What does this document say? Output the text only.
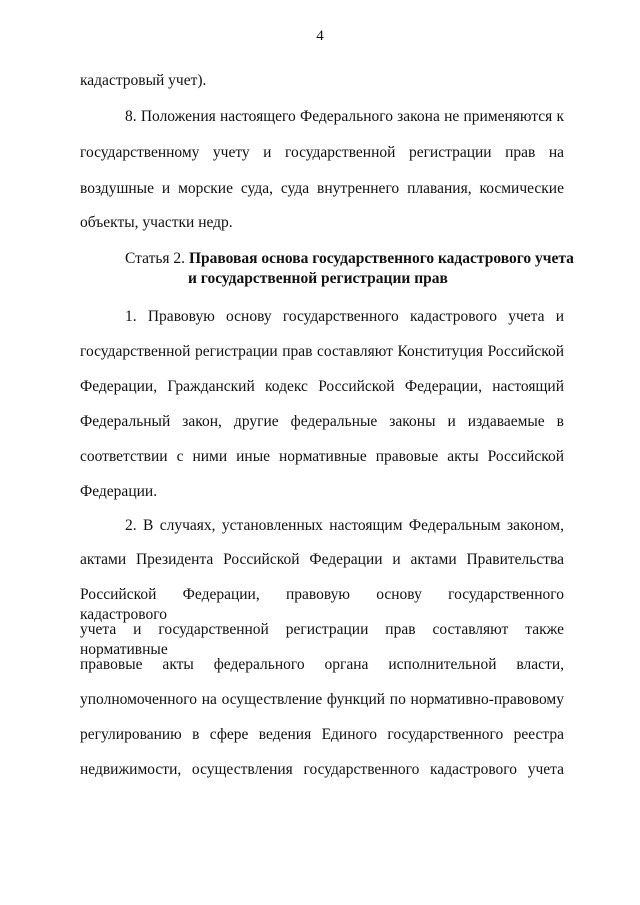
4
кадастровый учет).
8. Положения настоящего Федерального закона не применяются к
государственному учету и государственной регистрации прав на
воздушные и морские суда, суда внутреннего плавания, космические
объекты, участки недр.
Статья 2. Правовая основа государственного кадастрового учета
и государственной регистрации прав
1. Правовую основу государственного кадастрового учета и
государственной регистрации прав составляют Конституция Российской
Федерации, Гражданский кодекс Российской Федерации, настоящий
Федеральный закон, другие федеральные законы и издаваемые в
соответствии с ними иные нормативные правовые акты Российской
Федерации.
2. В случаях, установленных настоящим Федеральным законом,
актами Президента Российской Федерации и актами Правительства
Российской Федерации, правовую основу государственного кадастрового
учета и государственной регистрации прав составляют также нормативные
правовые акты федерального органа исполнительной власти,
уполномоченного на осуществление функций по нормативно-правовому
регулированию в сфере ведения Единого государственного реестра
недвижимости, осуществления государственного кадастрового учета
